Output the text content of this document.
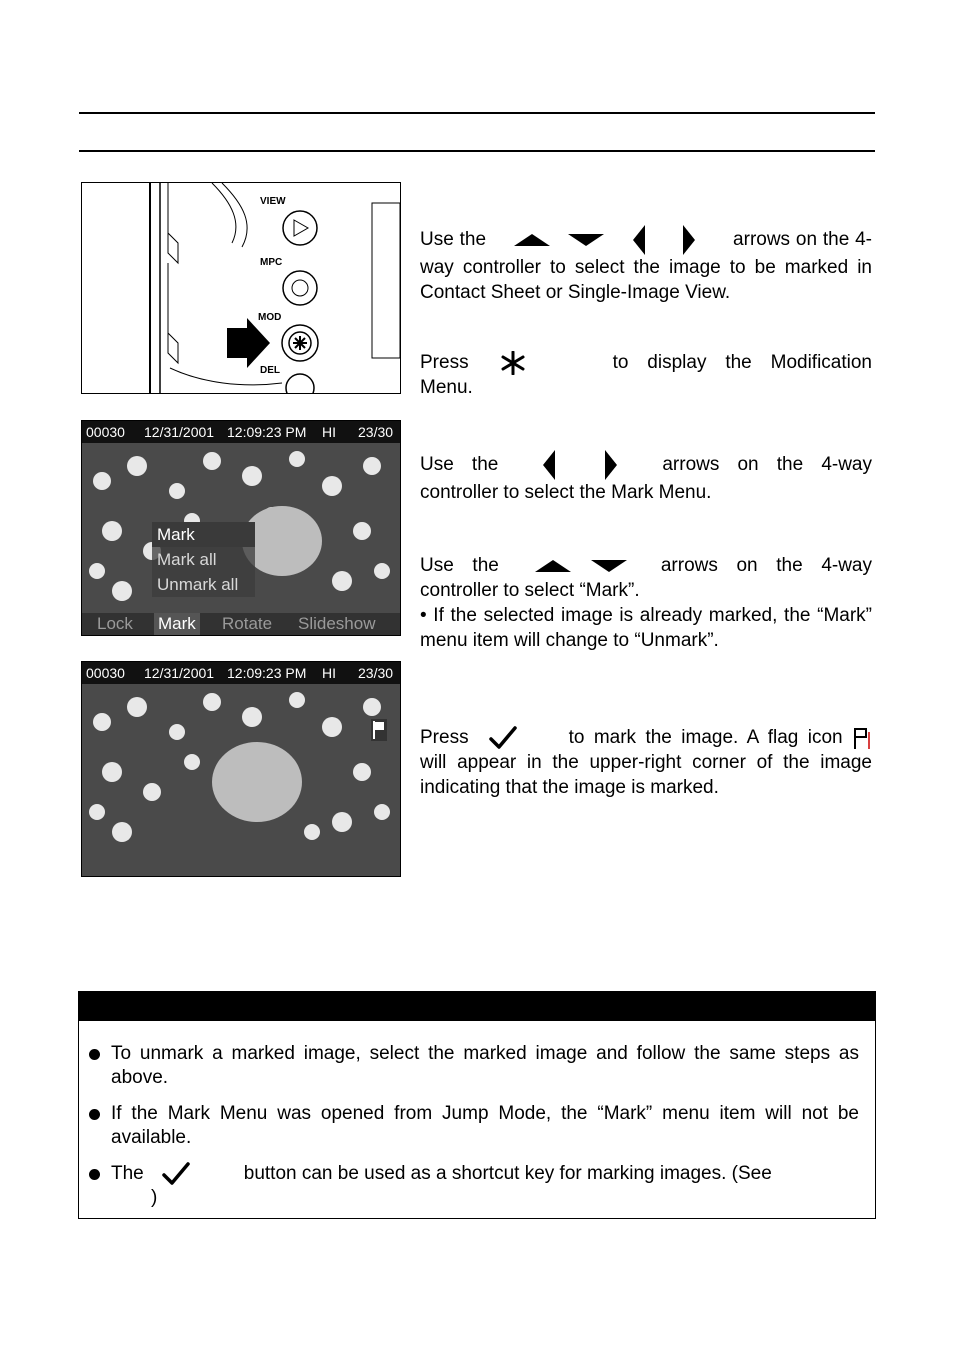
VIEW
MPC
MOD
DEL
00030 12/31/2001 12:09:23 PM HI 23/30
Mark
Mark all
Unmark all
Lock Mark Rotate Slideshow
00030 12/31/2001 12:09:23 PM HI 23/30

Use the	arrows on the 4-way controller to select the image to be marked in Contact Sheet or Single-Image View.

Press	to display the Modification Menu.

Use the	arrows on the 4-way controller to select the Mark Menu.

Use the	arrows on the 4-way controller to select “Mark”.

• If the selected image is already marked, the “Mark” menu item will change to “Unmark”.

Press	to mark the image. A flag icon  will appear in the upper-right corner of the image indicating that the image is marked.

To unmark a marked image, select the marked image and follow the same steps as above.
If the Mark Menu was opened from Jump Mode, the “Mark” menu item will not be available.
The	button can be used as a shortcut key for marking images. (See
)
